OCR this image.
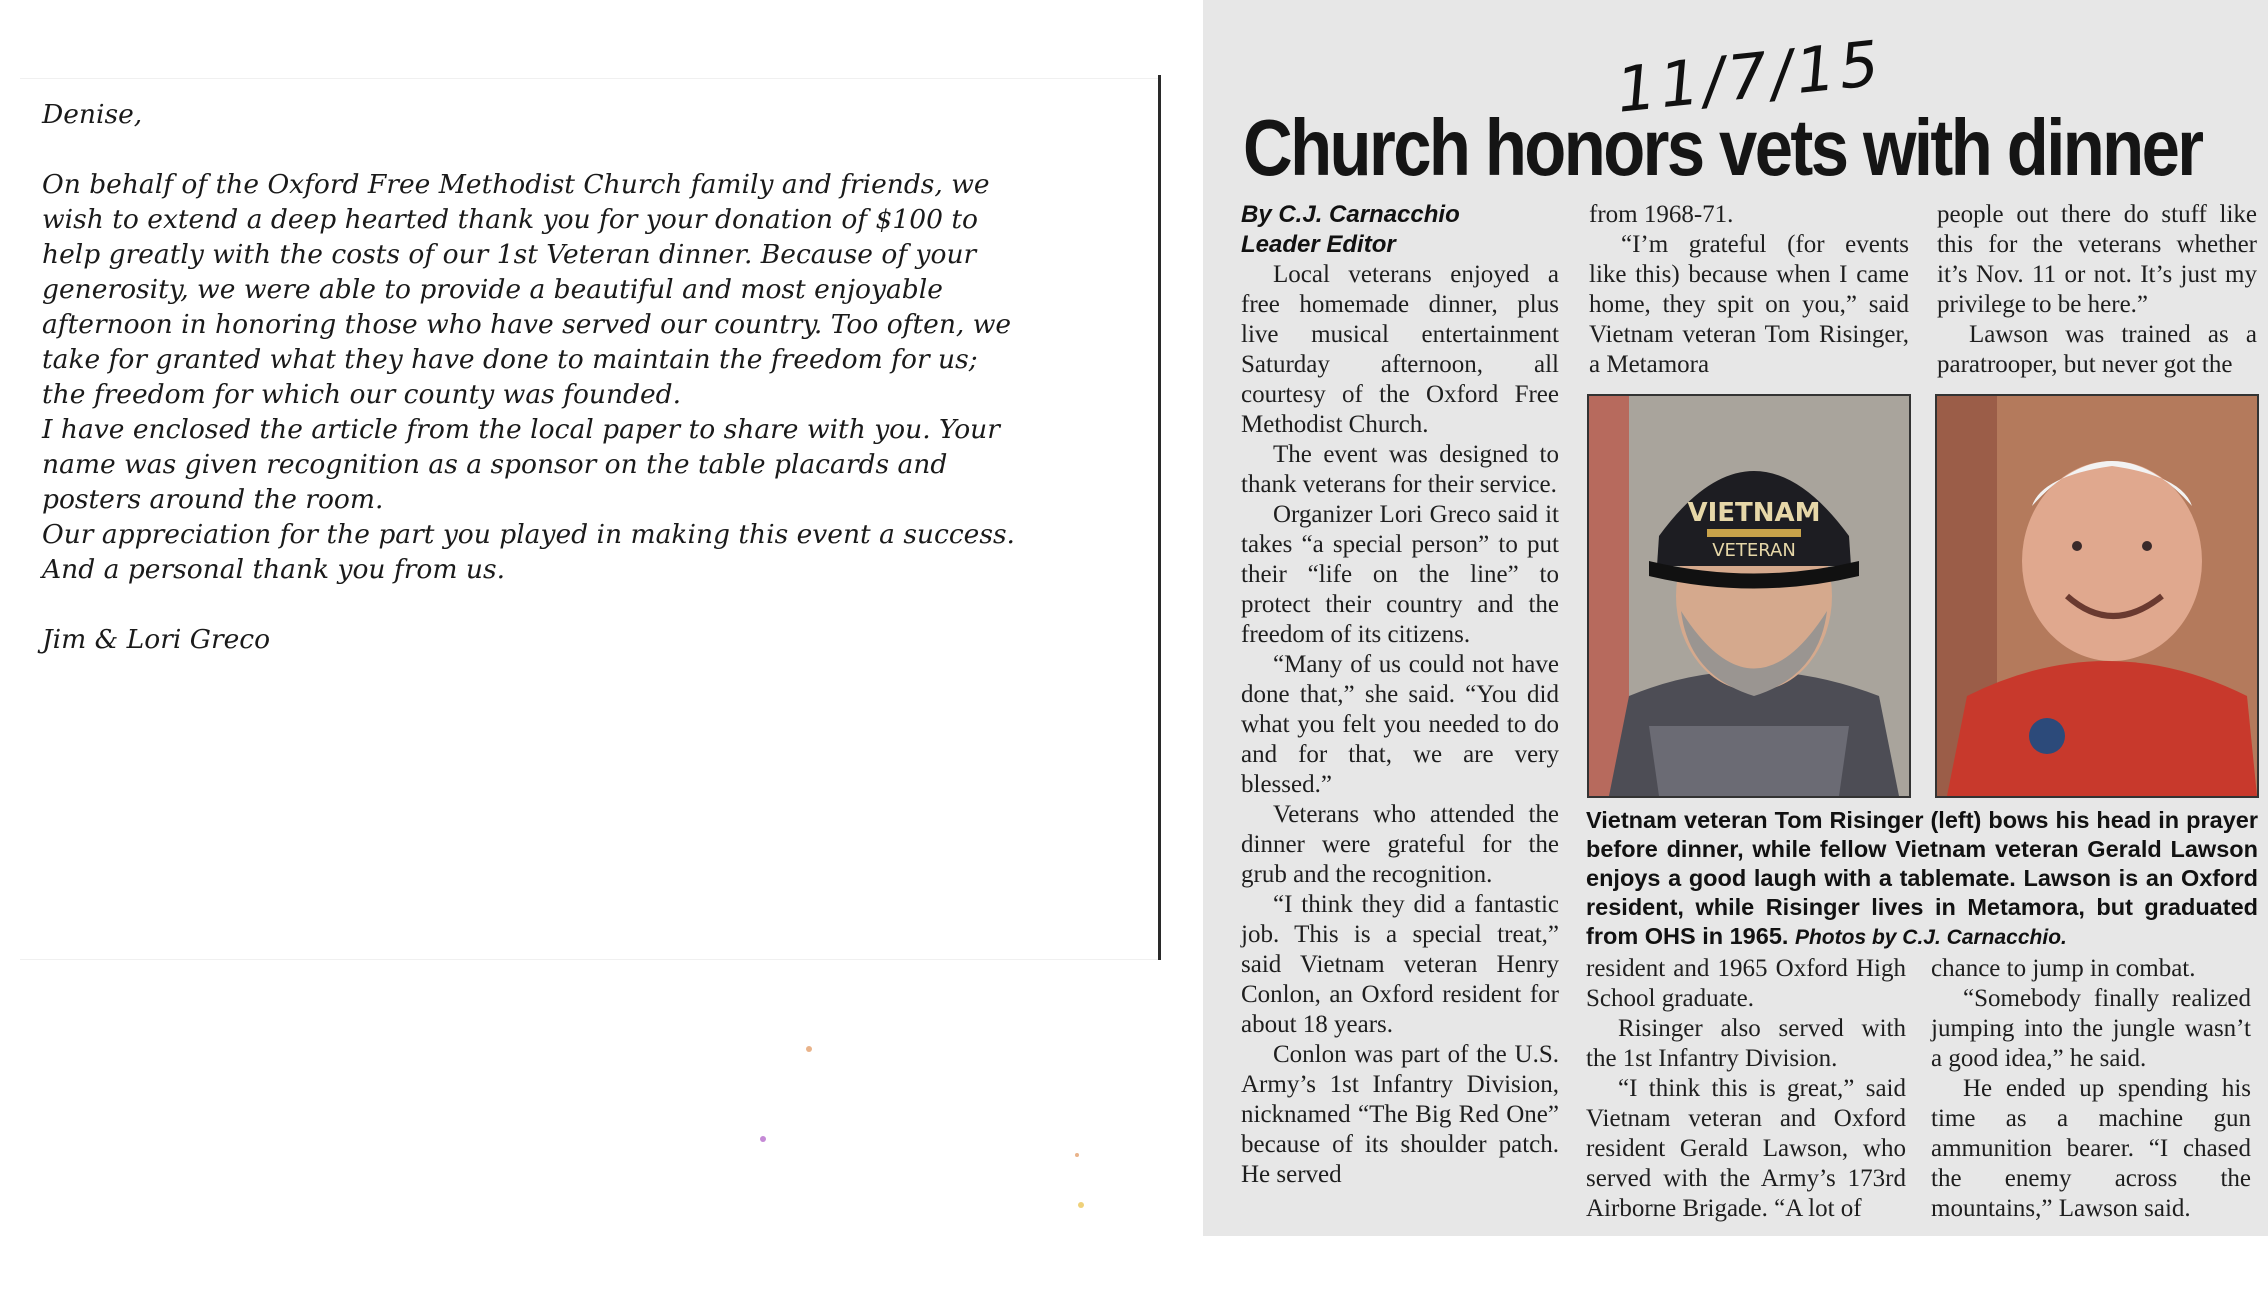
Denise,

On behalf of the Oxford Free Methodist Church family and friends, we

wish to extend a deep hearted thank you for your donation of $100 to

help greatly with the costs of our 1st Veteran dinner. Because of your

generosity, we were able to provide a beautiful and most enjoyable

afternoon in honoring those who have served our country. Too often, we

take for granted what they have done to maintain the freedom for us;

the freedom for which our county was founded.

I have enclosed the article from the local paper to share with you. Your

name was given recognition as a sponsor on the table placards and

posters around the room.

Our appreciation for the part you played in making this event a success.

And a personal thank you from us.

Jim & Lori Greco

11/7/15
Church honors vets with dinner
By C.J. Carnacchio
Leader Editor

Local veterans enjoyed a free homemade dinner, plus live musical entertainment Saturday afternoon, all courtesy of the Oxford Free Methodist Church.

The event was designed to thank veterans for their service.

Organizer Lori Greco said it takes “a special person” to put their “life on the line” to protect their country and the freedom of its citizens.

“Many of us could not have done that,” she said. “You did what you felt you needed to do and for that, we are very blessed.”

Veterans who attended the dinner were grateful for the grub and the recognition.

“I think they did a fantastic job. This is a special treat,” said Vietnam veteran Henry Conlon, an Oxford resident for about 18 years.

Conlon was part of the U.S. Army’s 1st Infantry Division, nicknamed “The Big Red One” because of its shoulder patch. He served

from 1968-71.

“I’m grateful (for events like this) because when I came home, they spit on you,” said Vietnam veteran Tom Risinger, a Metamora

people out there do stuff like this for the veterans whether it’s Nov. 11 or not. It’s just my privilege to be here.”

Lawson was trained as a paratrooper, but never got the

VIETNAM
VETERAN
Vietnam veteran Tom Risinger (left) bows his head in prayer before dinner, while fellow Vietnam veteran Gerald Lawson enjoys a good laugh with a tablemate. Lawson is an Oxford resident, while Risinger lives in Metamora, but graduated from OHS in 1965. Photos by C.J. Carnacchio.

resident and 1965 Oxford High School graduate.

Risinger also served with the 1st Infantry Division.

“I think this is great,” said Vietnam veteran and Oxford resident Gerald Lawson, who served with the Army’s 173rd Airborne Brigade. “A lot of

chance to jump in combat.

“Somebody finally realized jumping into the jungle wasn’t a good idea,” he said.

He ended up spending his time as a machine gun ammunition bearer. “I chased the enemy across the mountains,” Lawson said.
